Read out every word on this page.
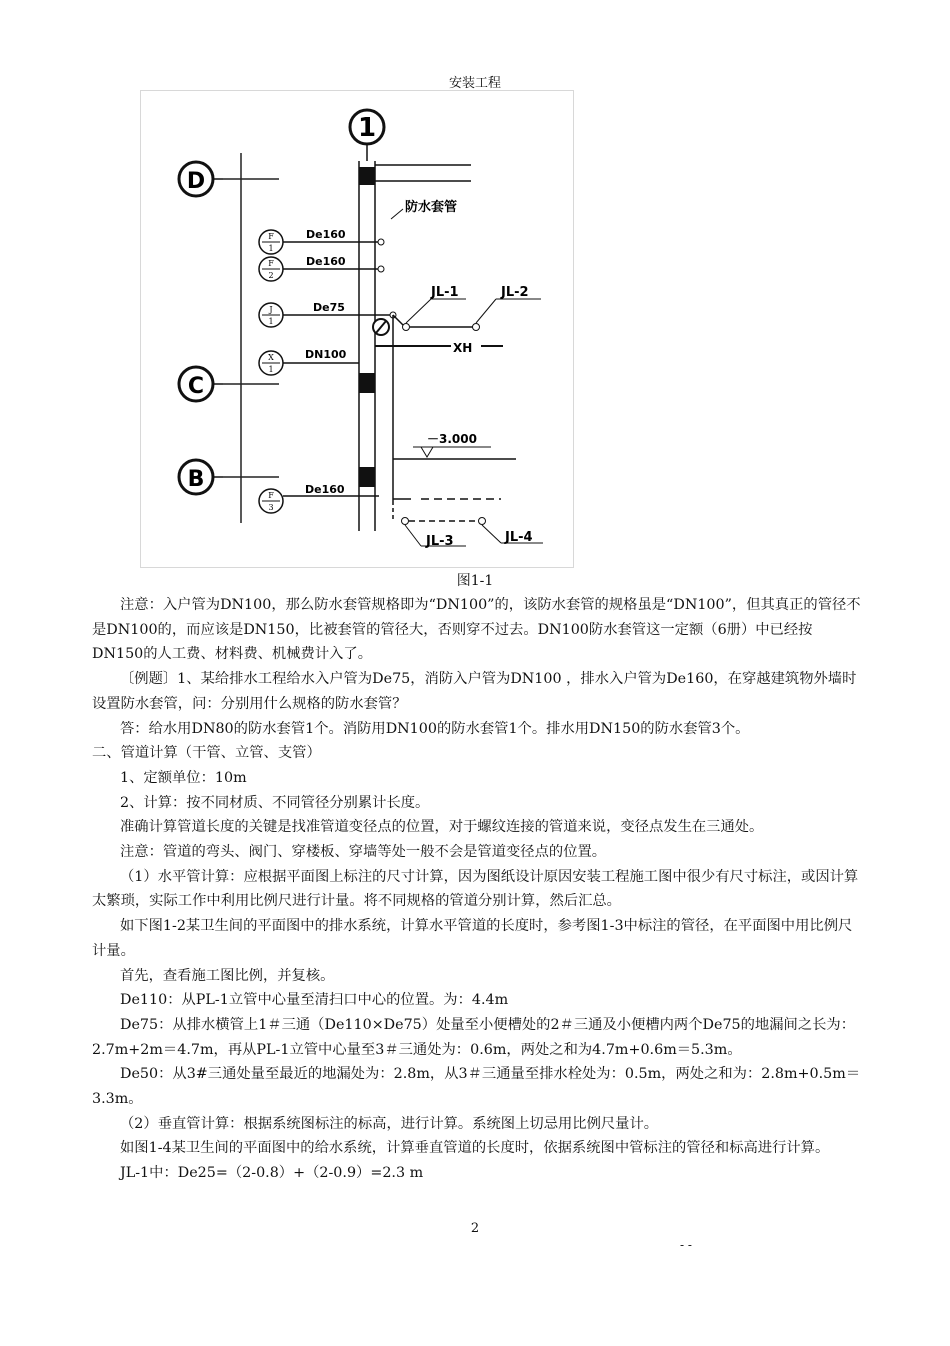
安装工程
1
D
C
B
F
1
De160
F
2
De160
J
1
De75
JL-1	JL-2
X
1
XH
DN100
－3.000
F
3
De160
JL-3	JL-4
防水套管
图1-1

注意：入户管为DN100，那么防水套管规格即为“DN100”的，该防水套管的规格虽是“DN100”，但其真正的管径不是DN100的，而应该是DN150，比被套管的管径大，否则穿不过去。DN100防水套管这一定额（6册）中已经按DN150的人工费、材料费、机械费计入了。

〔例题〕1、某给排水工程给水入户管为De75，消防入户管为DN100 ，排水入户管为De160，在穿越建筑物外墙时设置防水套管，问：分别用什么规格的防水套管？

答：给水用DN80的防水套管1个。消防用DN100的防水套管1个。排水用DN150的防水套管3个。

二、管道计算（干管、立管、支管）

1、定额单位：10m

2、计算：按不同材质、不同管径分别累计长度。

准确计算管道长度的关键是找准管道变径点的位置，对于螺纹连接的管道来说，变径点发生在三通处。

注意：管道的弯头、阀门、穿楼板、穿墙等处一般不会是管道变径点的位置。

（1）水平管计算：应根据平面图上标注的尺寸计算，因为图纸设计原因安装工程施工图中很少有尺寸标注，或因计算太繁琐，实际工作中利用比例尺进行计量。将不同规格的管道分别计算，然后汇总。

如下图1-2某卫生间的平面图中的排水系统，计算水平管道的长度时，参考图1-3中标注的管径，在平面图中用比例尺计量。

首先，查看施工图比例，并复核。

De110：从PL-1立管中心量至清扫口中心的位置。为：4.4m

De75：从排水横管上1＃三通（De110×De75）处量至小便槽处的2＃三通及小便槽内两个De75的地漏间之长为：2.7m+2m＝4.7m，再从PL-1立管中心量至3＃三通处为：0.6m，两处之和为4.7m+0.6m＝5.3m。

De50：从3#三通处量至最近的地漏处为：2.8m，从3＃三通量至排水栓处为：0.5m，两处之和为：2.8m+0.5m＝3.3m。

（2）垂直管计算：根据系统图标注的标高，进行计算。系统图上切忌用比例尺量计。

如图1-4某卫生间的平面图中的给水系统，计算垂直管道的长度时，依据系统图中管标注的管径和标高进行计算。

JL-1中：De25=（2-0.8）+（2-0.9）=2.3 m

2
- -
